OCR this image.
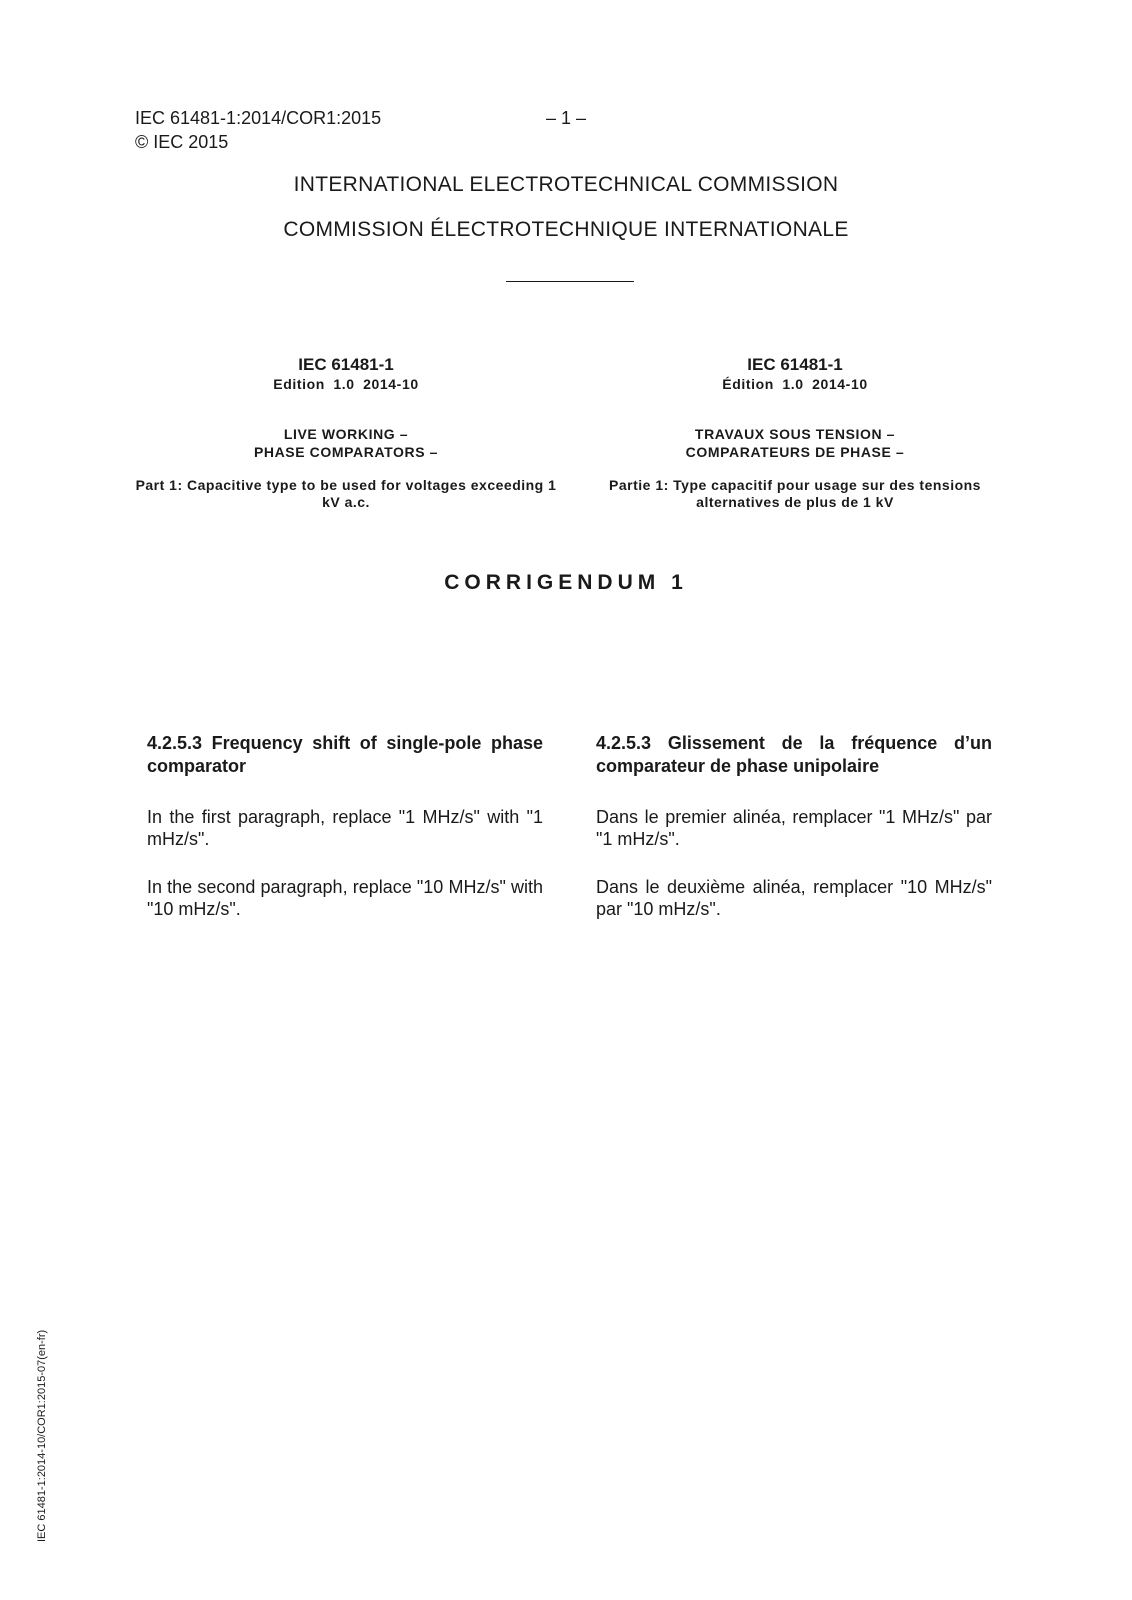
IEC 61481-1:2014/COR1:2015
© IEC 2015
– 1 –
INTERNATIONAL ELECTROTECHNICAL COMMISSION
COMMISSION ÉLECTROTECHNIQUE INTERNATIONALE
IEC 61481-1
Edition 1.0 2014-10
LIVE WORKING –
PHASE COMPARATORS –
Part 1: Capacitive type to be used for voltages exceeding 1 kV a.c.
IEC 61481-1
Édition 1.0 2014-10
TRAVAUX SOUS TENSION –
COMPARATEURS DE PHASE –
Partie 1: Type capacitif pour usage sur des tensions alternatives de plus de 1 kV
CORRIGENDUM 1
4.2.5.3 Frequency shift of single-pole phase comparator
In the first paragraph, replace "1 MHz/s" with "1 mHz/s".
In the second paragraph, replace "10 MHz/s" with "10 mHz/s".
4.2.5.3 Glissement de la fréquence d’un comparateur de phase unipolaire
Dans le premier alinéa, remplacer "1 MHz/s" par "1 mHz/s".
Dans le deuxième alinéa, remplacer "10 MHz/s" par "10 mHz/s".
IEC 61481-1:2014-10/COR1:2015-07(en-fr)
